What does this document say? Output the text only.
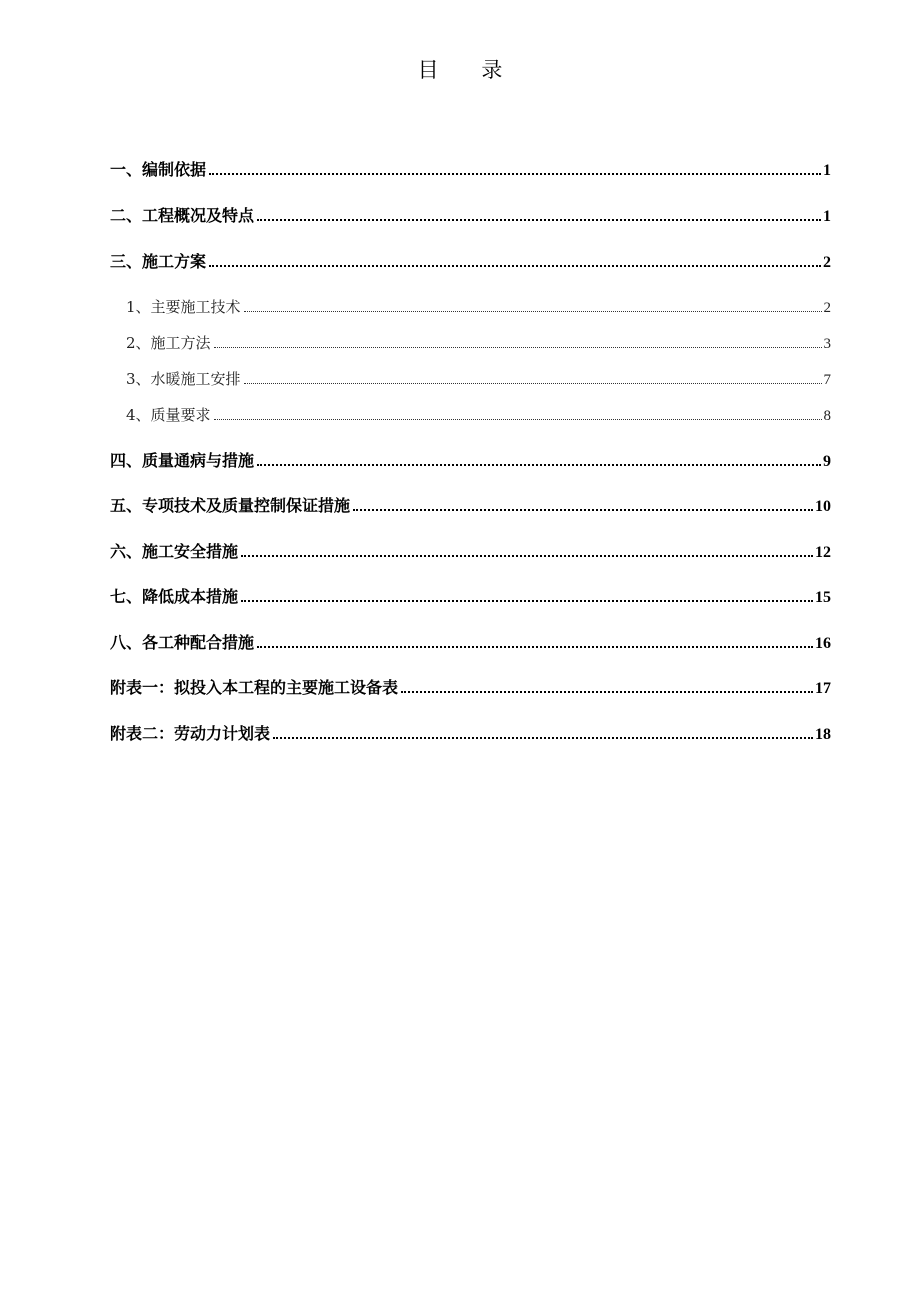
目 录
一、编制依据	1
二、工程概况及特点	1
三、施工方案	2
1、主要施工技术	2
2、施工方法	3
3、水暖施工安排	7
4、质量要求	8
四、质量通病与措施	9
五、专项技术及质量控制保证措施	10
六、施工安全措施	12
七、降低成本措施	15
八、各工种配合措施	16
附表一：拟投入本工程的主要施工设备表	17
附表二：劳动力计划表	18
